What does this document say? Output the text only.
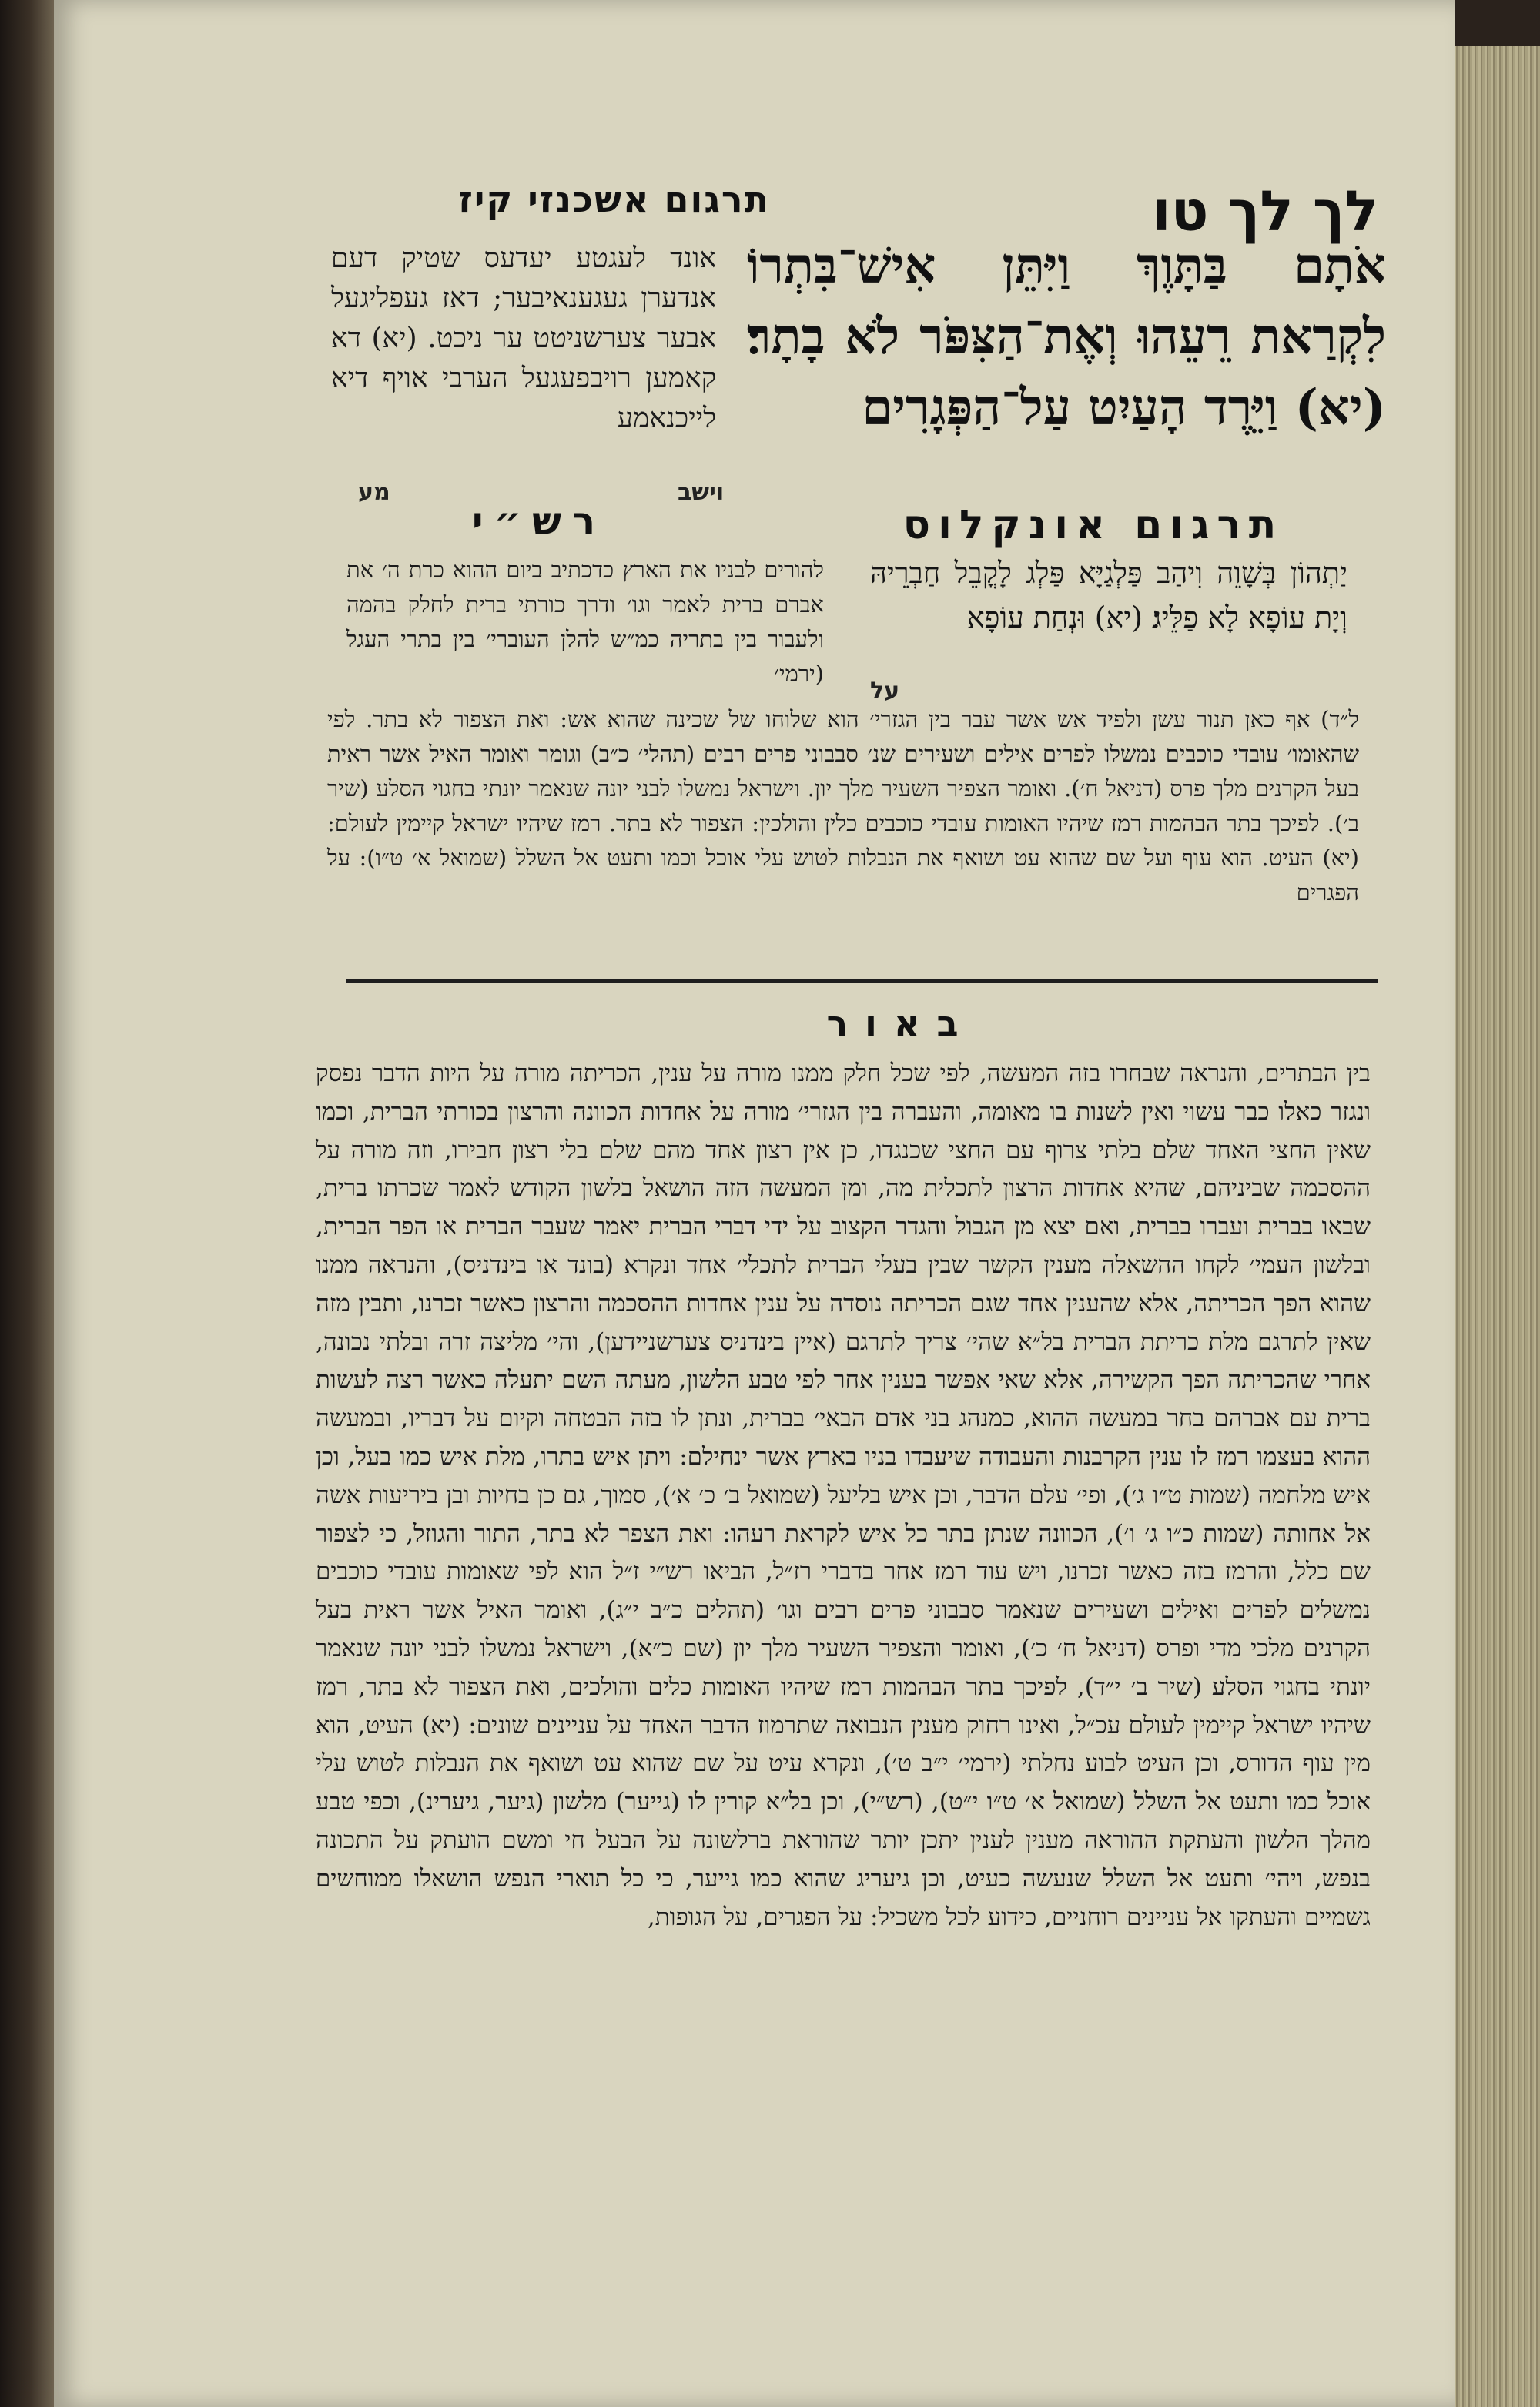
לך לך טו
תרגום אשכנזי קיז
אֹתָם בַּתָּוֶךְ וַיִּתֵּן אִישׁ־בִּתְרוֹ לִקְרַאת רֵעֵהוּ וְאֶת־הַצִּפֹּר לֹא בָתָר׃ (יא) וַיֵּרֶד הָעַיִט עַל־הַפְּגָרִים
אונד לעגטע יעדעס שטיק דעם אנדערן געגענאיבער; דאז געפליגעל אבער צערשניטט ער ניכט. (יא) דא קאמען רויבפעגעל הערבי אויף דיא לייכנאמע
וישב
מע
תרגום אונקלוס
יַתְהוֹן בְּשָׁוֵה וִיהַב פַּלְגַיָּא פַּלְג לָקֳבֵל חַבְרֵיהּ וְיָת עוֹפָא לָא פַלֵּיג׃ (יא) וּנְחַת עוֹפָא
על
רש״י
להורים לבניו את הארץ כדכתיב ביום ההוא כרת ה׳ את אברם ברית לאמר וגו׳ ודרך כורתי ברית לחלק בהמה ולעבור בין בתריה כמ״ש להלן העוברי׳ בין בתרי העגל (ירמי׳
ל״ד) אף כאן תנור עשן ולפיד אש אשר עבר בין הגזרי׳ הוא שלוחו של שכינה שהוא אש: ואת הצפור לא בתר. לפי שהאומו׳ עובדי כוכבים נמשלו לפרים אילים ושעירים שנ׳ סבבוני פרים רבים (תהלי׳ כ״ב) וגומר ואומר האיל אשר ראית בעל הקרנים מלך פרס (דניאל ח׳). ואומר הצפיר השעיר מלך יון. וישראל נמשלו לבני יונה שנאמר יונתי בחגוי הסלע (שיר ב׳). לפיכך בתר הבהמות רמז שיהיו האומות עובדי כוכבים כלין והולכין: הצפור לא בתר. רמז שיהיו ישראל קיימין לעולם: (יא) העיט. הוא עוף ועל שם שהוא עט ושואף את הנבלות לטוש עלי אוכל וכמו ותעט אל השלל (שמואל א׳ ט״ו): על הפגרים
באור
בין הבתרים, והנראה שבחרו בזה המעשה, לפי שכל חלק ממנו מורה על ענין, הכריתה מורה על היות הדבר נפסק ונגזר כאלו כבר עשוי ואין לשנות בו מאומה, והעברה בין הגזרי׳ מורה על אחדות הכוונה והרצון בכורתי הברית, וכמו שאין החצי האחד שלם בלתי צרוף עם החצי שכנגדו, כן אין רצון אחד מהם שלם בלי רצון חבירו, וזה מורה על ההסכמה שביניהם, שהיא אחדות הרצון לתכלית מה, ומן המעשה הזה הושאל בלשון הקודש לאמר שכרתו ברית, שבאו בברית ועברו בברית, ואם יצא מן הגבול והגדר הקצוב על ידי דברי הברית יאמר שעבר הברית או הפר הברית, ובלשון העמי׳ לקחו ההשאלה מענין הקשר שבין בעלי הברית לתכלי׳ אחד ונקרא (בונד או בינדניס), והנראה ממנו שהוא הפך הכריתה, אלא שהענין אחד שגם הכריתה נוסדה על ענין אחדות ההסכמה והרצון כאשר זכרנו, ותבין מזה שאין לתרגם מלת כריתת הברית בל״א שהי׳ צריך לתרגם (איין בינדניס צערשניידען), והי׳ מליצה זרה ובלתי נכונה, אחרי שהכריתה הפך הקשירה, אלא שאי אפשר בענין אחר לפי טבע הלשון, מעתה השם יתעלה כאשר רצה לעשות ברית עם אברהם בחר במעשה ההוא, כמנהג בני אדם הבאי׳ בברית, ונתן לו בזה הבטחה וקיום על דבריו, ובמעשה ההוא בעצמו רמז לו ענין הקרבנות והעבודה שיעבדו בניו בארץ אשר ינחילם: ויתן איש בתרו, מלת איש כמו בעל, וכן איש מלחמה (שמות ט״ו ג׳), ופי׳ עלם הדבר, וכן איש בליעל (שמואל ב׳ כ׳ א׳), סמוך, גם כן בחיות ובן ביריעות אשה אל אחותה (שמות כ״ו ג׳ ו׳), הכוונה שנתן בתר כל איש לקראת רעהו: ואת הצפר לא בתר, התור והגוזל, כי לצפור שם כלל, והרמז בזה כאשר זכרנו, ויש עוד רמז אחר בדברי רז״ל, הביאו רש״י ז״ל הוא לפי שאומות עובדי כוכבים נמשלים לפרים ואילים ושעירים שנאמר סבבוני פרים רבים וגו׳ (תהלים כ״ב י״ג), ואומר האיל אשר ראית בעל הקרנים מלכי מדי ופרס (דניאל ח׳ כ׳), ואומר והצפיר השעיר מלך יון (שם כ״א), וישראל נמשלו לבני יונה שנאמר יונתי בחגוי הסלע (שיר ב׳ י״ד), לפיכך בתר הבהמות רמז שיהיו האומות כלים והולכים, ואת הצפור לא בתר, רמז שיהיו ישראל קיימין לעולם עכ״ל, ואינו רחוק מענין הנבואה שתרמוז הדבר האחד על עניינים שונים: (יא) העיט, הוא מין עוף הדורס, וכן העיט לבוע נחלתי (ירמי׳ י״ב ט׳), ונקרא עיט על שם שהוא עט ושואף את הנבלות לטוש עלי אוכל כמו ותעט אל השלל (שמואל א׳ ט״ו י״ט), (רש״י), וכן בל״א קורין לו (גייער) מלשון (גיער, גיערינ), וכפי טבע מהלך הלשון והעתקת ההוראה מענין לענין יתכן יותר שהוראת ברלשונה על הבעל חי ומשם הועתק על התכונה בנפש, ויהי׳ ותעט אל השלל שנעשה כעיט, וכן גיעריג שהוא כמו גייער, כי כל תוארי הנפש הושאלו ממוחשים גשמיים והעתקו אל עניינים רוחניים, כידוע לכל משכיל: על הפגרים, על הגופות,
